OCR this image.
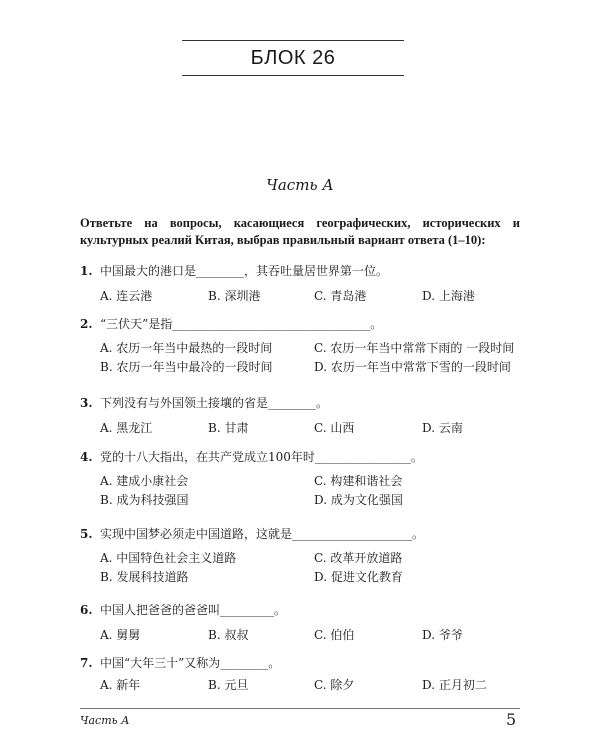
БЛОК 26
Часть А
Ответьте на вопросы, касающиеся географических, исторических и культурных реалий Китая, выбрав правильный вариант ответа (1–10):
1. 中国最大的港口是________，其吞吐量居世界第一位。
A. 连云港	B. 深圳港	C. 青岛港	D. 上海港
2. “三伏天”是指_________________________________。
A. 农历一年当中最热的一段时间	C. 农历一年当中常常下雨的 一段时间
B. 农历一年当中最冷的一段时间	D. 农历一年当中常常下雪的一段时间
3. 下列没有与外国领土接壤的省是________。
A. 黑龙江	B. 甘肃	C. 山西	D. 云南
4. 党的十八大指出，在共产党成立100年时________________。
A. 建成小康社会	C. 构建和谐社会
B. 成为科技强国	D. 成为文化强国
5. 实现中国梦必须走中国道路，这就是____________________。
A. 中国特色社会主义道路	C. 改革开放道路
B. 发展科技道路	D. 促进文化教育
6. 中国人把爸爸的爸爸叫_________。
A. 舅舅	B. 叔叔	C. 伯伯	D. 爷爷
7. 中国“大年三十”又称为________。
A. 新年	B. 元旦	C. 除夕	D. 正月初二
Часть А	5
